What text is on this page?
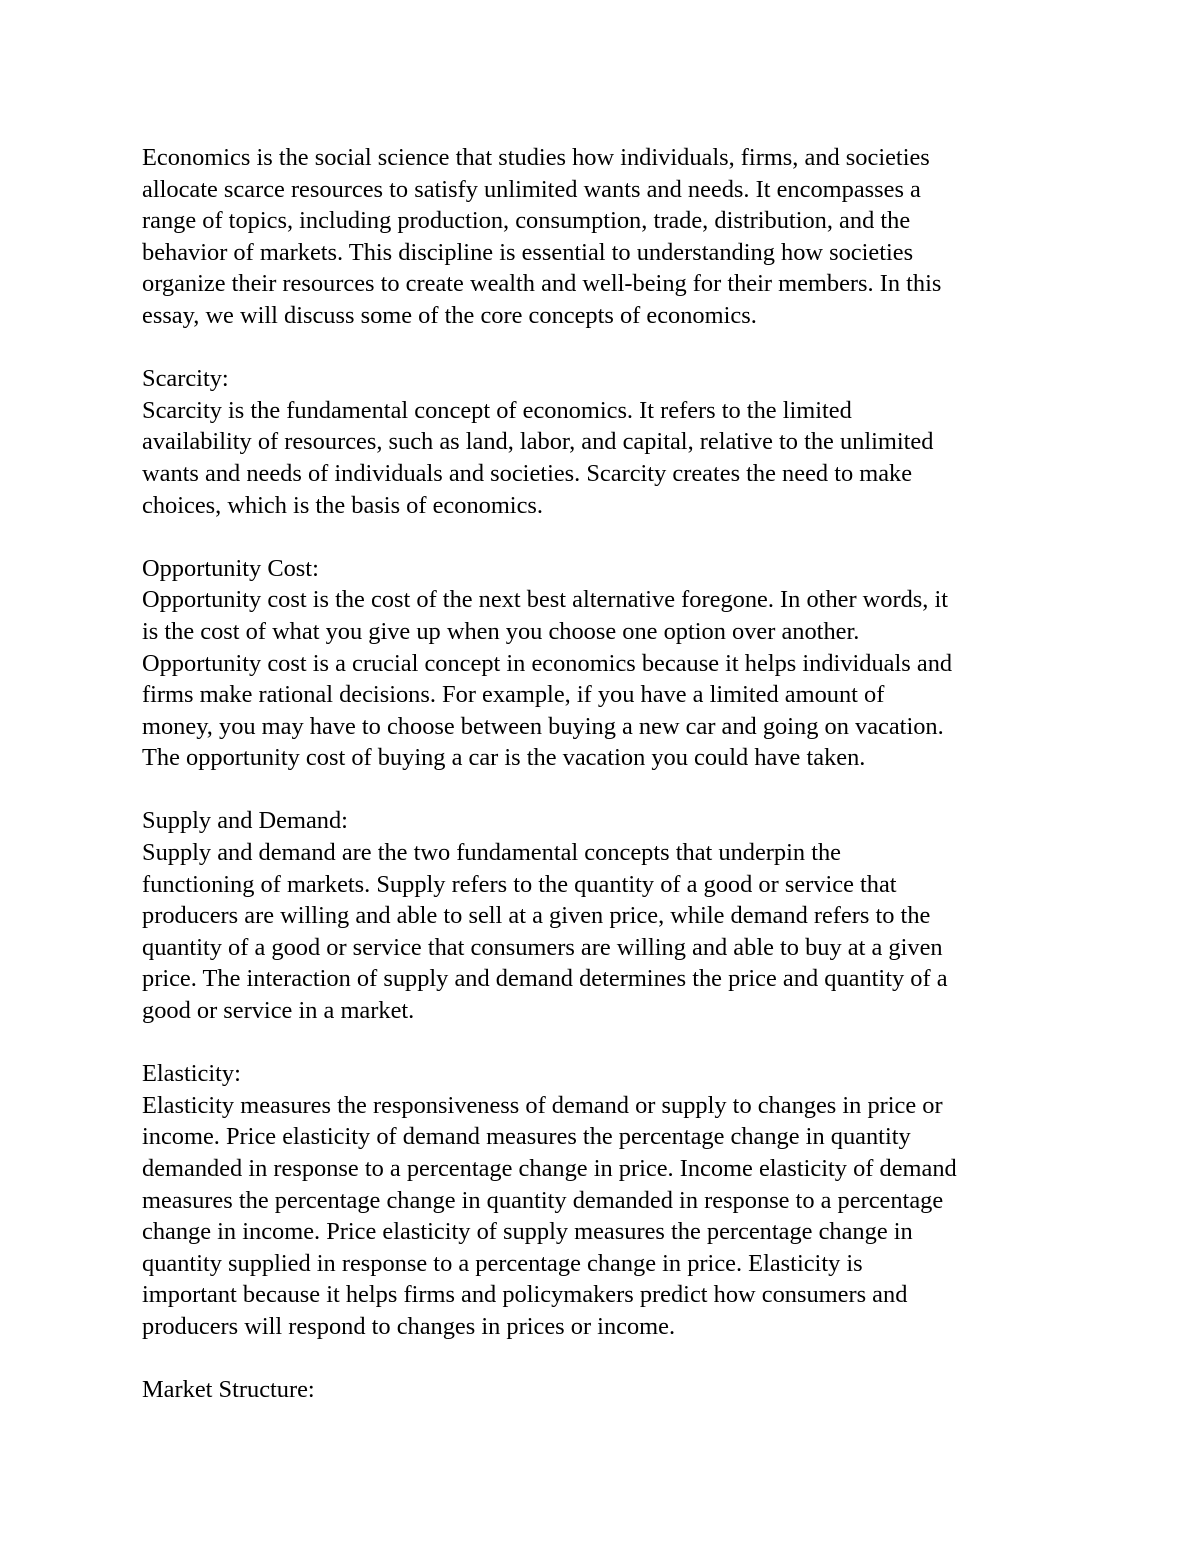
Economics is the social science that studies how individuals, firms, and societies
allocate scarce resources to satisfy unlimited wants and needs. It encompasses a
range of topics, including production, consumption, trade, distribution, and the
behavior of markets. This discipline is essential to understanding how societies
organize their resources to create wealth and well-being for their members. In this
essay, we will discuss some of the core concepts of economics.
Scarcity:
Scarcity is the fundamental concept of economics. It refers to the limited
availability of resources, such as land, labor, and capital, relative to the unlimited
wants and needs of individuals and societies. Scarcity creates the need to make
choices, which is the basis of economics.
Opportunity Cost:
Opportunity cost is the cost of the next best alternative foregone. In other words, it
is the cost of what you give up when you choose one option over another.
Opportunity cost is a crucial concept in economics because it helps individuals and
firms make rational decisions. For example, if you have a limited amount of
money, you may have to choose between buying a new car and going on vacation.
The opportunity cost of buying a car is the vacation you could have taken.
Supply and Demand:
Supply and demand are the two fundamental concepts that underpin the
functioning of markets. Supply refers to the quantity of a good or service that
producers are willing and able to sell at a given price, while demand refers to the
quantity of a good or service that consumers are willing and able to buy at a given
price. The interaction of supply and demand determines the price and quantity of a
good or service in a market.
Elasticity:
Elasticity measures the responsiveness of demand or supply to changes in price or
income. Price elasticity of demand measures the percentage change in quantity
demanded in response to a percentage change in price. Income elasticity of demand
measures the percentage change in quantity demanded in response to a percentage
change in income. Price elasticity of supply measures the percentage change in
quantity supplied in response to a percentage change in price. Elasticity is
important because it helps firms and policymakers predict how consumers and
producers will respond to changes in prices or income.
Market Structure:
